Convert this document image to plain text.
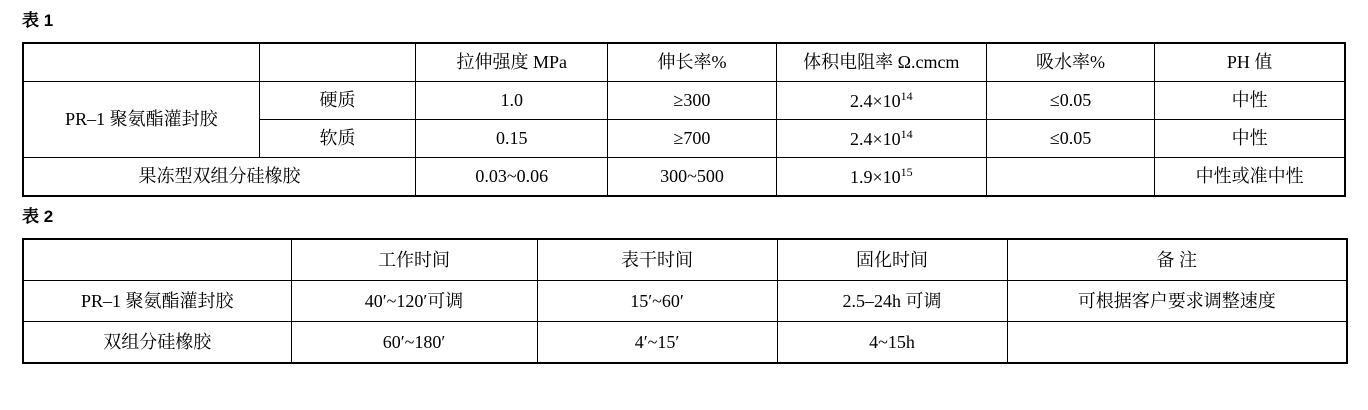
表 1
		拉伸强度 MPa	伸长率%	体积电阻率 Ω.cmcm	吸水率%	PH 值
PR–1 聚氨酯灌封胶	硬质	1.0	≥300	$2.4\times 10^{14}$	≤0.05	中性
	软质	0.15	≥700	$2.4\times 10^{14}$	≤0.05	中性
果冻型双组分硅橡胶		0.03~0.06	300~500	$1.9\times 10^{15}$		中性或准中性
表 2
	工作时间	表干时间	固化时间	备 注
PR–1 聚氨酯灌封胶	40′~120′可调	15′~60′	2.5–24h 可调	可根据客户要求调整速度
双组分硅橡胶	60′~180′	4′~15′	4~15h	
